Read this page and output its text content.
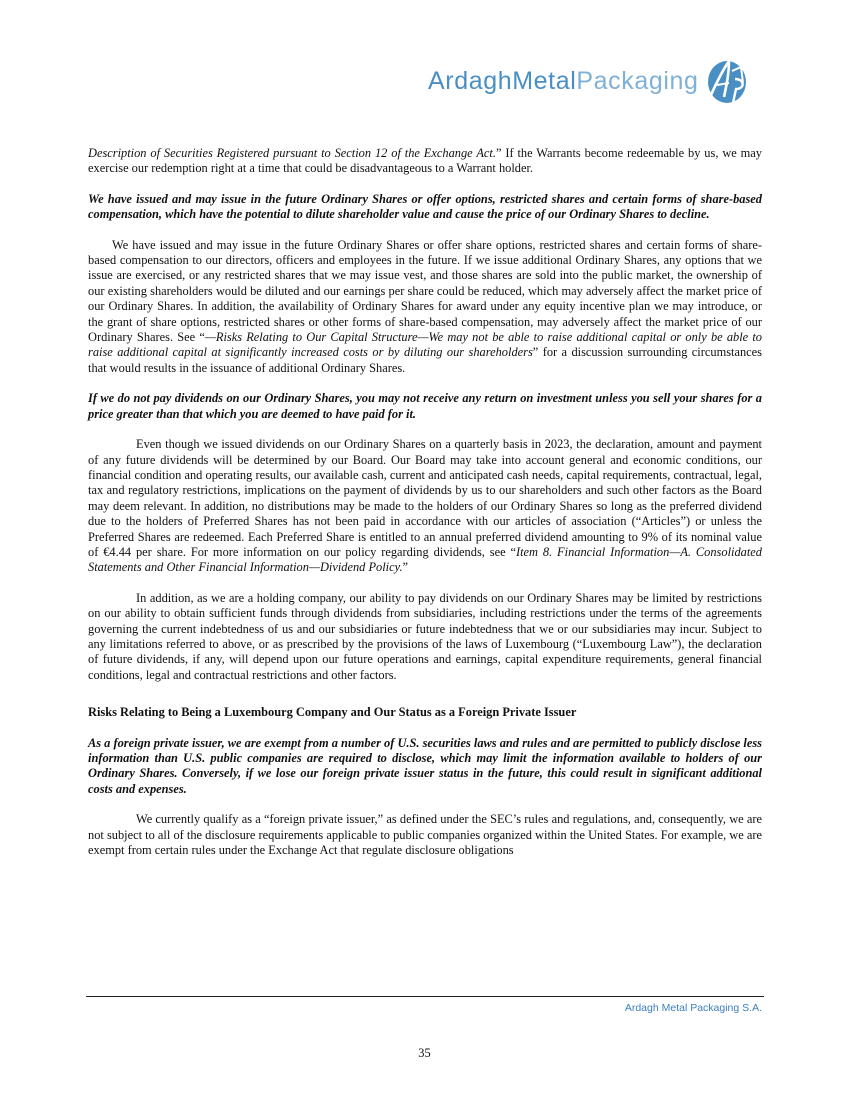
ArdaghMetalPackaging

Description of Securities Registered pursuant to Section 12 of the Exchange Act.” If the Warrants become redeemable by us, we may exercise our redemption right at a time that could be disadvantageous to a Warrant holder.

We have issued and may issue in the future Ordinary Shares or offer options, restricted shares and certain forms of share-based compensation, which have the potential to dilute shareholder value and cause the price of our Ordinary Shares to decline.

We have issued and may issue in the future Ordinary Shares or offer share options, restricted shares and certain forms of share-based compensation to our directors, officers and employees in the future. If we issue additional Ordinary Shares, any options that we issue are exercised, or any restricted shares that we may issue vest, and those shares are sold into the public market, the ownership of our existing shareholders would be diluted and our earnings per share could be reduced, which may adversely affect the market price of our Ordinary Shares. In addition, the availability of Ordinary Shares for award under any equity incentive plan we may introduce, or the grant of share options, restricted shares or other forms of share-based compensation, may adversely affect the market price of our Ordinary Shares. See “—Risks Relating to Our Capital Structure—We may not be able to raise additional capital or only be able to raise additional capital at significantly increased costs or by diluting our shareholders” for a discussion surrounding circumstances that would results in the issuance of additional Ordinary Shares.

If we do not pay dividends on our Ordinary Shares, you may not receive any return on investment unless you sell your shares for a price greater than that which you are deemed to have paid for it.

Even though we issued dividends on our Ordinary Shares on a quarterly basis in 2023, the declaration, amount and payment of any future dividends will be determined by our Board. Our Board may take into account general and economic conditions, our financial condition and operating results, our available cash, current and anticipated cash needs, capital requirements, contractual, legal, tax and regulatory restrictions, implications on the payment of dividends by us to our shareholders and such other factors as the Board may deem relevant. In addition, no distributions may be made to the holders of our Ordinary Shares so long as the preferred dividend due to the holders of Preferred Shares has not been paid in accordance with our articles of association (“Articles”) or unless the Preferred Shares are redeemed. Each Preferred Share is entitled to an annual preferred dividend amounting to 9% of its nominal value of €4.44 per share. For more information on our policy regarding dividends, see “Item 8. Financial Information—A. Consolidated Statements and Other Financial Information—Dividend Policy.”

In addition, as we are a holding company, our ability to pay dividends on our Ordinary Shares may be limited by restrictions on our ability to obtain sufficient funds through dividends from subsidiaries, including restrictions under the terms of the agreements governing the current indebtedness of us and our subsidiaries or future indebtedness that we or our subsidiaries may incur. Subject to any limitations referred to above, or as prescribed by the provisions of the laws of Luxembourg (“Luxembourg Law”), the declaration of future dividends, if any, will depend upon our future operations and earnings, capital expenditure requirements, general financial conditions, legal and contractual restrictions and other factors.

Risks Relating to Being a Luxembourg Company and Our Status as a Foreign Private Issuer

As a foreign private issuer, we are exempt from a number of U.S. securities laws and rules and are permitted to publicly disclose less information than U.S. public companies are required to disclose, which may limit the information available to holders of our Ordinary Shares. Conversely, if we lose our foreign private issuer status in the future, this could result in significant additional costs and expenses.

We currently qualify as a “foreign private issuer,” as defined under the SEC’s rules and regulations, and, consequently, we are not subject to all of the disclosure requirements applicable to public companies organized within the United States. For example, we are exempt from certain rules under the Exchange Act that regulate disclosure obligations

Ardagh Metal Packaging S.A.
35
